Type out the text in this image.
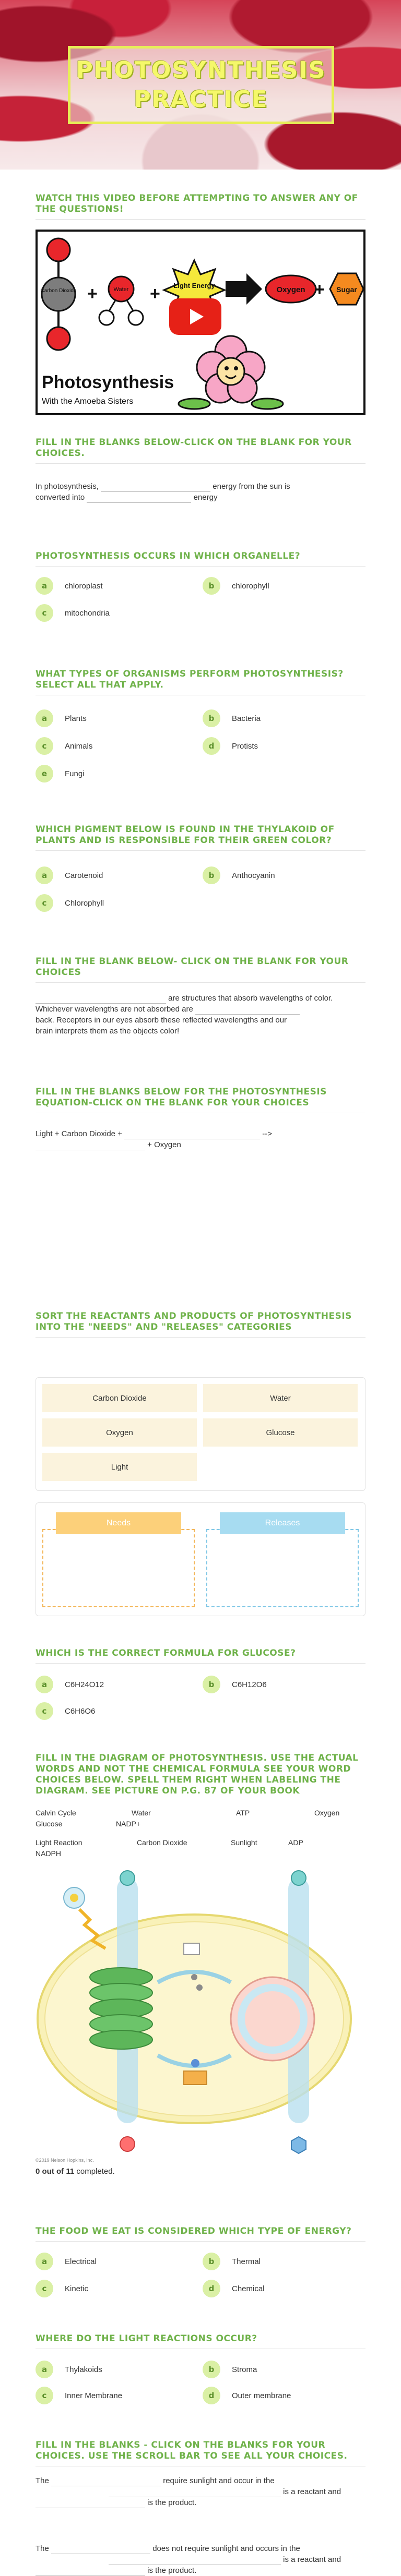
PHOTOSYNTHESIS
PRACTICE

WATCH THIS VIDEO BEFORE ATTEMPTING TO ANSWER ANY OF THE QUESTIONS!

Carbon Dioxide +	Water + Light Energy	Oxygen + Sugar
Photosynthesis
With the Amoeba Sisters

FILL IN THE BLANKS BELOW-CLICK ON THE BLANK FOR YOUR CHOICES.

In photosynthesis,	energy from the sun is
converted into	energy

PHOTOSYNTHESIS OCCURS IN WHICH ORGANELLE?

a	chloroplast	b	chlorophyll
c	mitochondria

WHAT TYPES OF ORGANISMS PERFORM PHOTOSYNTHESIS? SELECT ALL THAT APPLY.

a	Plants	b	Bacteria
c	Animals	d	Protists
e	Fungi

WHICH PIGMENT BELOW IS FOUND IN THE THYLAKOID OF PLANTS AND IS RESPONSIBLE FOR THEIR GREEN COLOR?

a	Carotenoid	b	Anthocyanin
c	Chlorophyll

FILL IN THE BLANK BELOW- CLICK ON THE BLANK FOR YOUR CHOICES

are structures that absorb wavelengths of color.
Whichever wavelengths are not absorbed are
back. Receptors in our eyes absorb these reflected wavelengths and our
brain interprets them as the objects color!

FILL IN THE BLANKS BELOW FOR THE PHOTOSYNTHESIS EQUATION-CLICK ON THE BLANK FOR YOUR CHOICES

Light + Carbon Dioxide +	-->
+ Oxygen

SORT THE REACTANTS AND PRODUCTS OF PHOTOSYNTHESIS INTO THE "NEEDS" AND "RELEASES" CATEGORIES

Carbon Dioxide	Water
Oxygen	Glucose
Light
Needs	Releases

WHICH IS THE CORRECT FORMULA FOR GLUCOSE?

a	C6H24O12	b	C6H12O6
c	C6H6O6

FILL IN THE DIAGRAM OF PHOTOSYNTHESIS. USE THE ACTUAL WORDS AND NOT THE CHEMICAL FORMULA SEE YOUR WORD CHOICES BELOW. SPELL THEM RIGHT WHEN LABELING THE DIAGRAM. SEE PICTURE ON P.G. 87 OF YOUR BOOK

Calvin Cycle	Water	ATP	Oxygen
Glucose	NADP+
Light Reaction	Carbon Dioxide	Sunlight	ADP
NADPH
©2019 Nelson Hopkins, Inc.
0 out of 11 completed.

THE FOOD WE EAT IS CONSIDERED WHICH TYPE OF ENERGY?

a	Electrical	b	Thermal
c	Kinetic	d	Chemical

WHERE DO THE LIGHT REACTIONS OCCUR?

a	Thylakoids	b	Stroma
c	Inner Membrane	d	Outer membrane

FILL IN THE BLANKS - CLICK ON THE BLANKS FOR YOUR CHOICES. USE THE SCROLL BAR TO SEE ALL YOUR CHOICES.

The	require sunlight and occur in the
is a reactant and
is the product.
The	does not require sunlight and occurs in the
is a reactant and
is the product.
